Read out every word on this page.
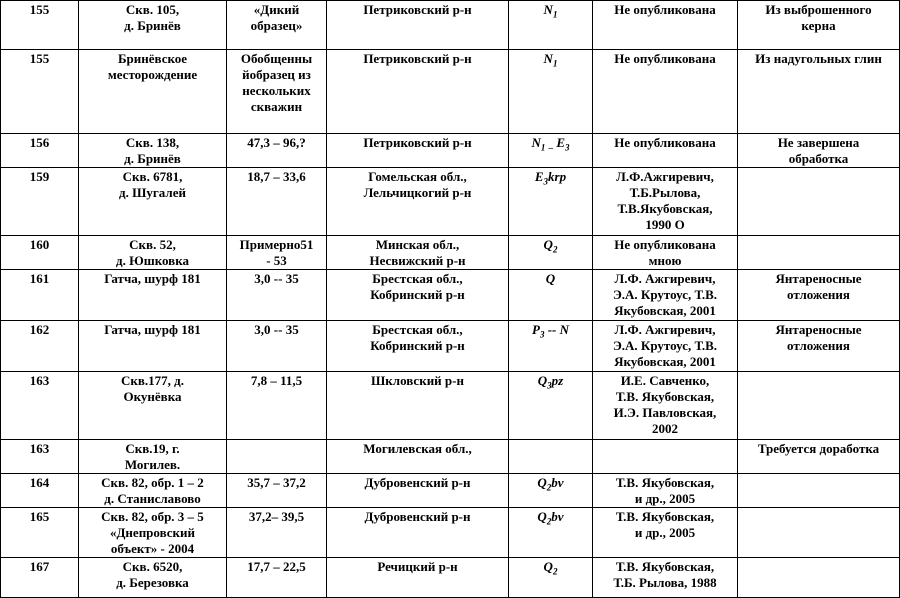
155	Скв. 105,
д. Бринёв	«Дикий
образец»	Петриковский р-н	$N_1$	Не опубликована	Из выброшенного
керна
155	Бринёвское
месторождение	Обобщенны
йобразец из
нескольких
скважин	Петриковский р-н	$N_1$	Не опубликована	Из надугольных глин
156	Скв. 138,
д. Бринёв	47,3 – 96,?	Петриковский р-н	$N_1$ $_-$ $E_3$	Не опубликована	Не завершена
обработка
159	Скв. 6781,
д. Шугалей	18,7 – 33,6	Гомельская обл.,
Лельчицкогий р-н	$E_3krp$	Л.Ф.Ажгиревич,
Т.Б.Рылова,
Т.В.Якубовская,
1990 О	
160	Скв. 52,
д. Юшковка	Примерно51
- 53	Минская обл.,
Несвижский р-н	$Q_2$	Не опубликована
мною	
161	Гатча, шурф 181	3,0 -- 35	Брестская обл.,
Кобринский р-н	Q	Л.Ф. Ажгиревич,
Э.А. Крутоус, Т.В.
Якубовская, 2001	Янтареносные
отложения
162	Гатча, шурф 181	3,0 -- 35	Брестская обл.,
Кобринский р-н	$P_3$ -- N	Л.Ф. Ажгиревич,
Э.А. Крутоус, Т.В.
Якубовская, 2001	Янтареносные
отложения
163	Скв.177, д.
Окунёвка	7,8 – 11,5	Шкловский р-н	$Q_3pz$	И.Е. Савченко,
Т.В. Якубовская,
И.Э. Павловская,
2002	
163	Скв.19, г.
Могилев.		Могилевская обл.,			Требуется доработка
164	Скв. 82, обр. 1 – 2
д. Станиславово	35,7 – 37,2	Дубровенский р-н	$Q_2bv$	Т.В. Якубовская,
и др., 2005	
165	Скв. 82, обр. 3 – 5
«Днепровский
объект» - 2004	37,2– 39,5	Дубровенский р-н	$Q_2bv$	Т.В. Якубовская,
и др., 2005	
167	Скв. 6520,
д. Березовка	17,7 – 22,5	Речицкий р-н	$Q_2$	Т.В. Якубовская,
Т.Б. Рылова, 1988	
